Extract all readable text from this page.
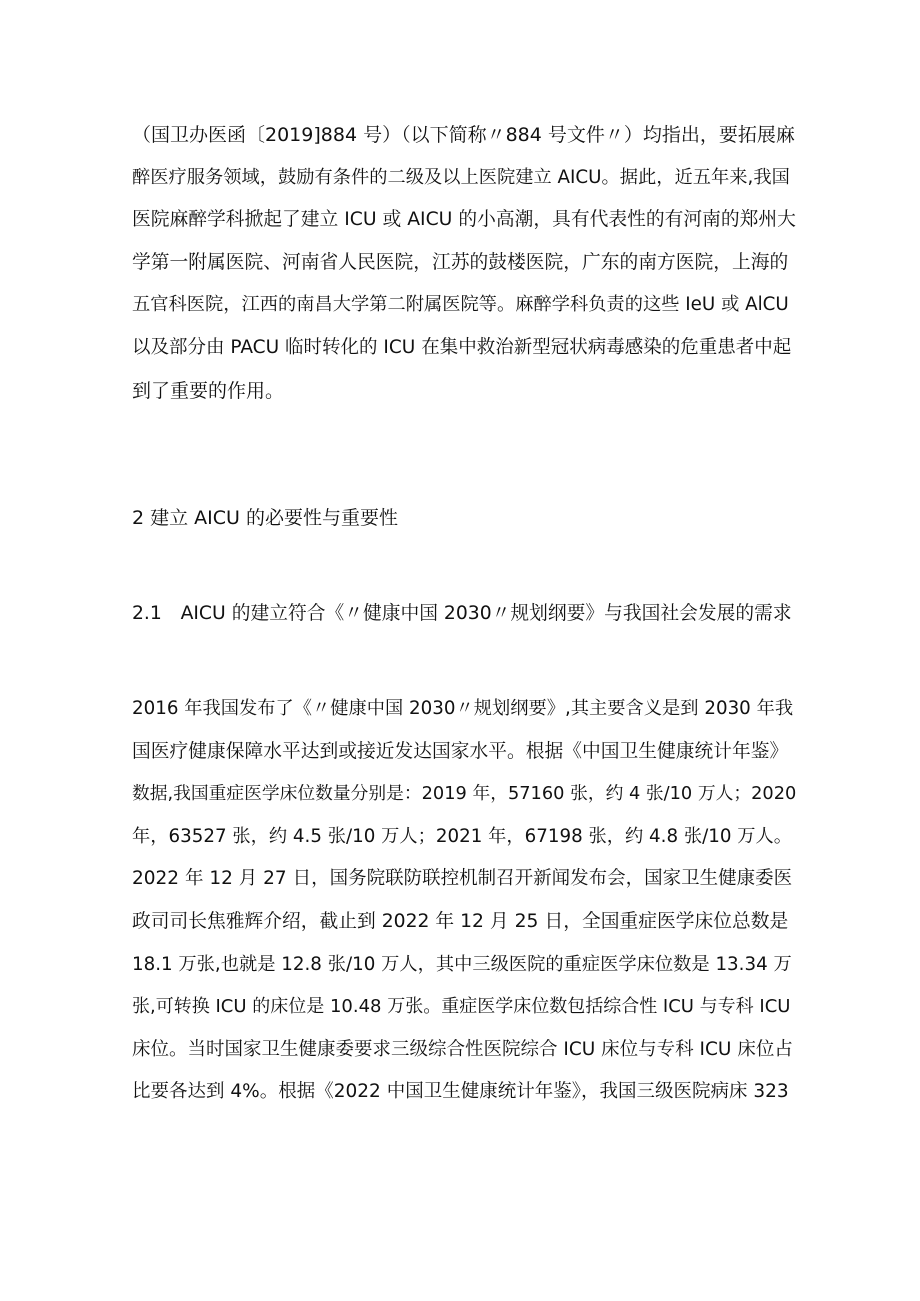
（国卫办医函〔2019]884 号）（以下简称〃884 号文件〃）均指出，要拓展麻
醉医疗服务领域，鼓励有条件的二级及以上医院建立 AICU。据此，近五年来,我国
医院麻醉学科掀起了建立 ICU 或 AICU 的小高潮，具有代表性的有河南的郑州大
学第一附属医院、河南省人民医院，江苏的鼓楼医院，广东的南方医院，上海的
五官科医院，江西的南昌大学第二附属医院等。麻醉学科负责的这些 IeU 或 AlCU
以及部分由 PACU 临时转化的 ICU 在集中救治新型冠状病毒感染的危重患者中起
到了重要的作用。
2 建立 AICU 的必要性与重要性
2.1　AICU 的建立符合《〃健康中国 2030〃规划纲要》与我国社会发展的需求
2016 年我国发布了《〃健康中国 2030〃规划纲要》,其主要含义是到 2030 年我
国医疗健康保障水平达到或接近发达国家水平。根据《中国卫生健康统计年鉴》
数据,我国重症医学床位数量分别是：2019 年，57160 张，约 4 张/10 万人；2020
年，63527 张，约 4.5 张/10 万人；2021 年，67198 张，约 4.8 张/10 万人。
2022 年 12 月 27 日，国务院联防联控机制召开新闻发布会，国家卫生健康委医
政司司长焦雅辉介绍，截止到 2022 年 12 月 25 日，全国重症医学床位总数是
18.1 万张,也就是 12.8 张/10 万人，其中三级医院的重症医学床位数是 13.34 万
张,可转换 ICU 的床位是 10.48 万张。重症医学床位数包括综合性 ICU 与专科 ICU
床位。当时国家卫生健康委要求三级综合性医院综合 ICU 床位与专科 ICU 床位占
比要各达到 4%。根据《2022 中国卫生健康统计年鉴》，我国三级医院病床 323
